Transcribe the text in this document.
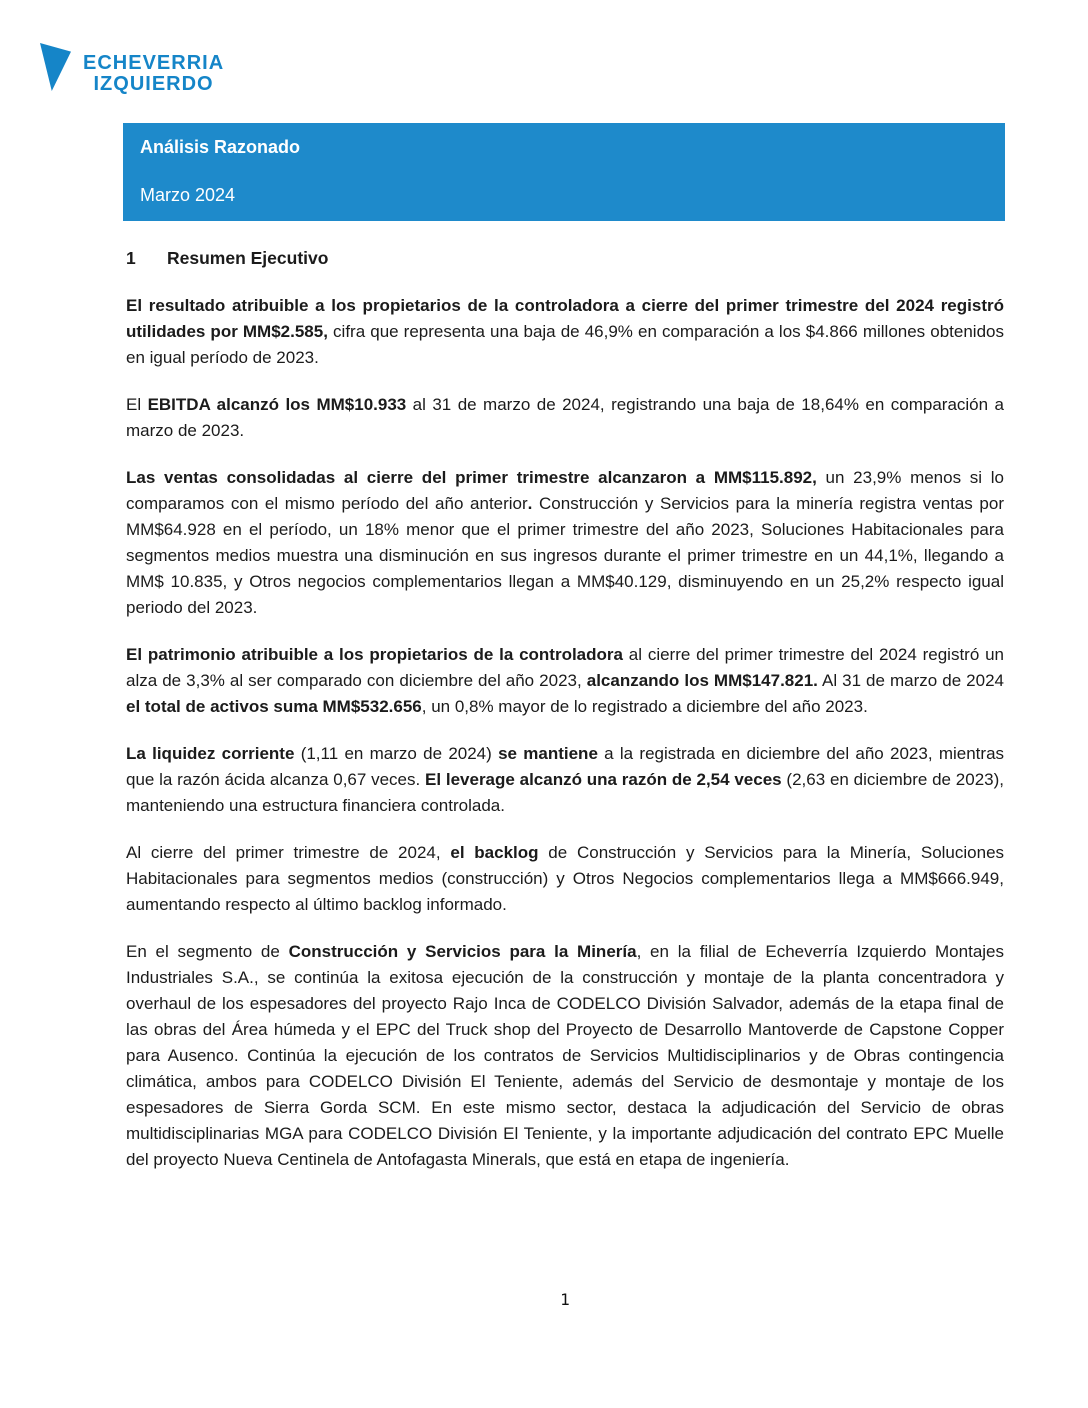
ECHEVERRIA
IZQUIERDO
Análisis Razonado
Marzo 2024
1	Resumen Ejecutivo

El resultado atribuible a los propietarios de la controladora a cierre del primer trimestre del 2024 registró utilidades por MM$2.585, cifra que representa una baja de 46,9% en comparación a los $4.866 millones obtenidos en igual período de 2023.

El EBITDA alcanzó los MM$10.933 al 31 de marzo de 2024, registrando una baja de 18,64% en comparación a marzo de 2023.

Las ventas consolidadas al cierre del primer trimestre alcanzaron a MM$115.892, un 23,9% menos si lo comparamos con el mismo período del año anterior. Construcción y Servicios para la minería registra ventas por MM$64.928 en el período, un 18% menor que el primer trimestre del año 2023, Soluciones Habitacionales para segmentos medios muestra una disminución en sus ingresos durante el primer trimestre en un 44,1%, llegando a MM$ 10.835, y Otros negocios complementarios llegan a MM$40.129, disminuyendo en un 25,2% respecto igual periodo del 2023.

El patrimonio atribuible a los propietarios de la controladora al cierre del primer trimestre del 2024 registró un alza de 3,3% al ser comparado con diciembre del año 2023, alcanzando los MM$147.821. Al 31 de marzo de 2024 el total de activos suma MM$532.656, un 0,8% mayor de lo registrado a diciembre del año 2023.

La liquidez corriente (1,11 en marzo de 2024) se mantiene a la registrada en diciembre del año 2023, mientras que la razón ácida alcanza 0,67 veces. El leverage alcanzó una razón de 2,54 veces (2,63 en diciembre de 2023), manteniendo una estructura financiera controlada.

Al cierre del primer trimestre de 2024, el backlog de Construcción y Servicios para la Minería, Soluciones Habitacionales para segmentos medios (construcción) y Otros Negocios complementarios llega a MM$666.949, aumentando respecto al último backlog informado.

En el segmento de Construcción y Servicios para la Minería, en la filial de Echeverría Izquierdo Montajes Industriales S.A., se continúa la exitosa ejecución de la construcción y montaje de la planta concentradora y overhaul de los espesadores del proyecto Rajo Inca de CODELCO División Salvador, además de la etapa final de las obras del Área húmeda y el EPC del Truck shop del Proyecto de Desarrollo Mantoverde de Capstone Copper para Ausenco. Continúa la ejecución de los contratos de Servicios Multidisciplinarios y de Obras contingencia climática, ambos para CODELCO División El Teniente, además del Servicio de desmontaje y montaje de los espesadores de Sierra Gorda SCM. En este mismo sector, destaca la adjudicación del Servicio de obras multidisciplinarias MGA para CODELCO División El Teniente, y la importante adjudicación del contrato EPC Muelle del proyecto Nueva Centinela de Antofagasta Minerals, que está en etapa de ingeniería.

1
